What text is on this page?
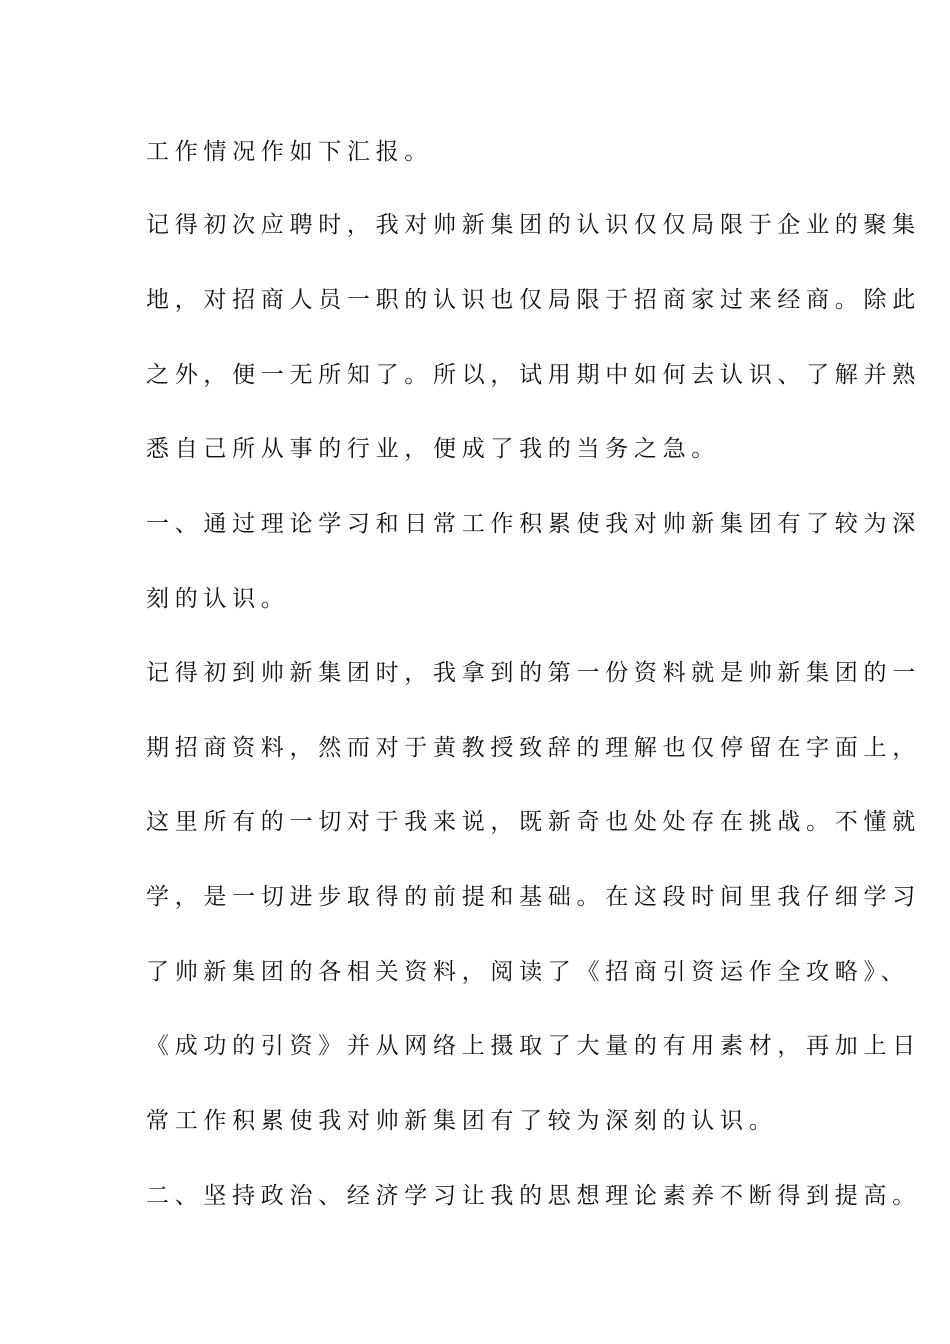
工作情况作如下汇报。
记得初次应聘时，我对帅新集团的认识仅仅局限于企业的聚集
地，对招商人员一职的认识也仅局限于招商家过来经商。除此
之外，便一无所知了。所以，试用期中如何去认识、了解并熟
悉自己所从事的行业，便成了我的当务之急。
一、通过理论学习和日常工作积累使我对帅新集团有了较为深
刻的认识。
记得初到帅新集团时，我拿到的第一份资料就是帅新集团的一
期招商资料，然而对于黄教授致辞的理解也仅停留在字面上，
这里所有的一切对于我来说，既新奇也处处存在挑战。不懂就
学，是一切进步取得的前提和基础。在这段时间里我仔细学习
了帅新集团的各相关资料，阅读了《招商引资运作全攻略》、
《成功的引资》并从网络上摄取了大量的有用素材，再加上日
常工作积累使我对帅新集团有了较为深刻的认识。
二、坚持政治、经济学习让我的思想理论素养不断得到提高。
